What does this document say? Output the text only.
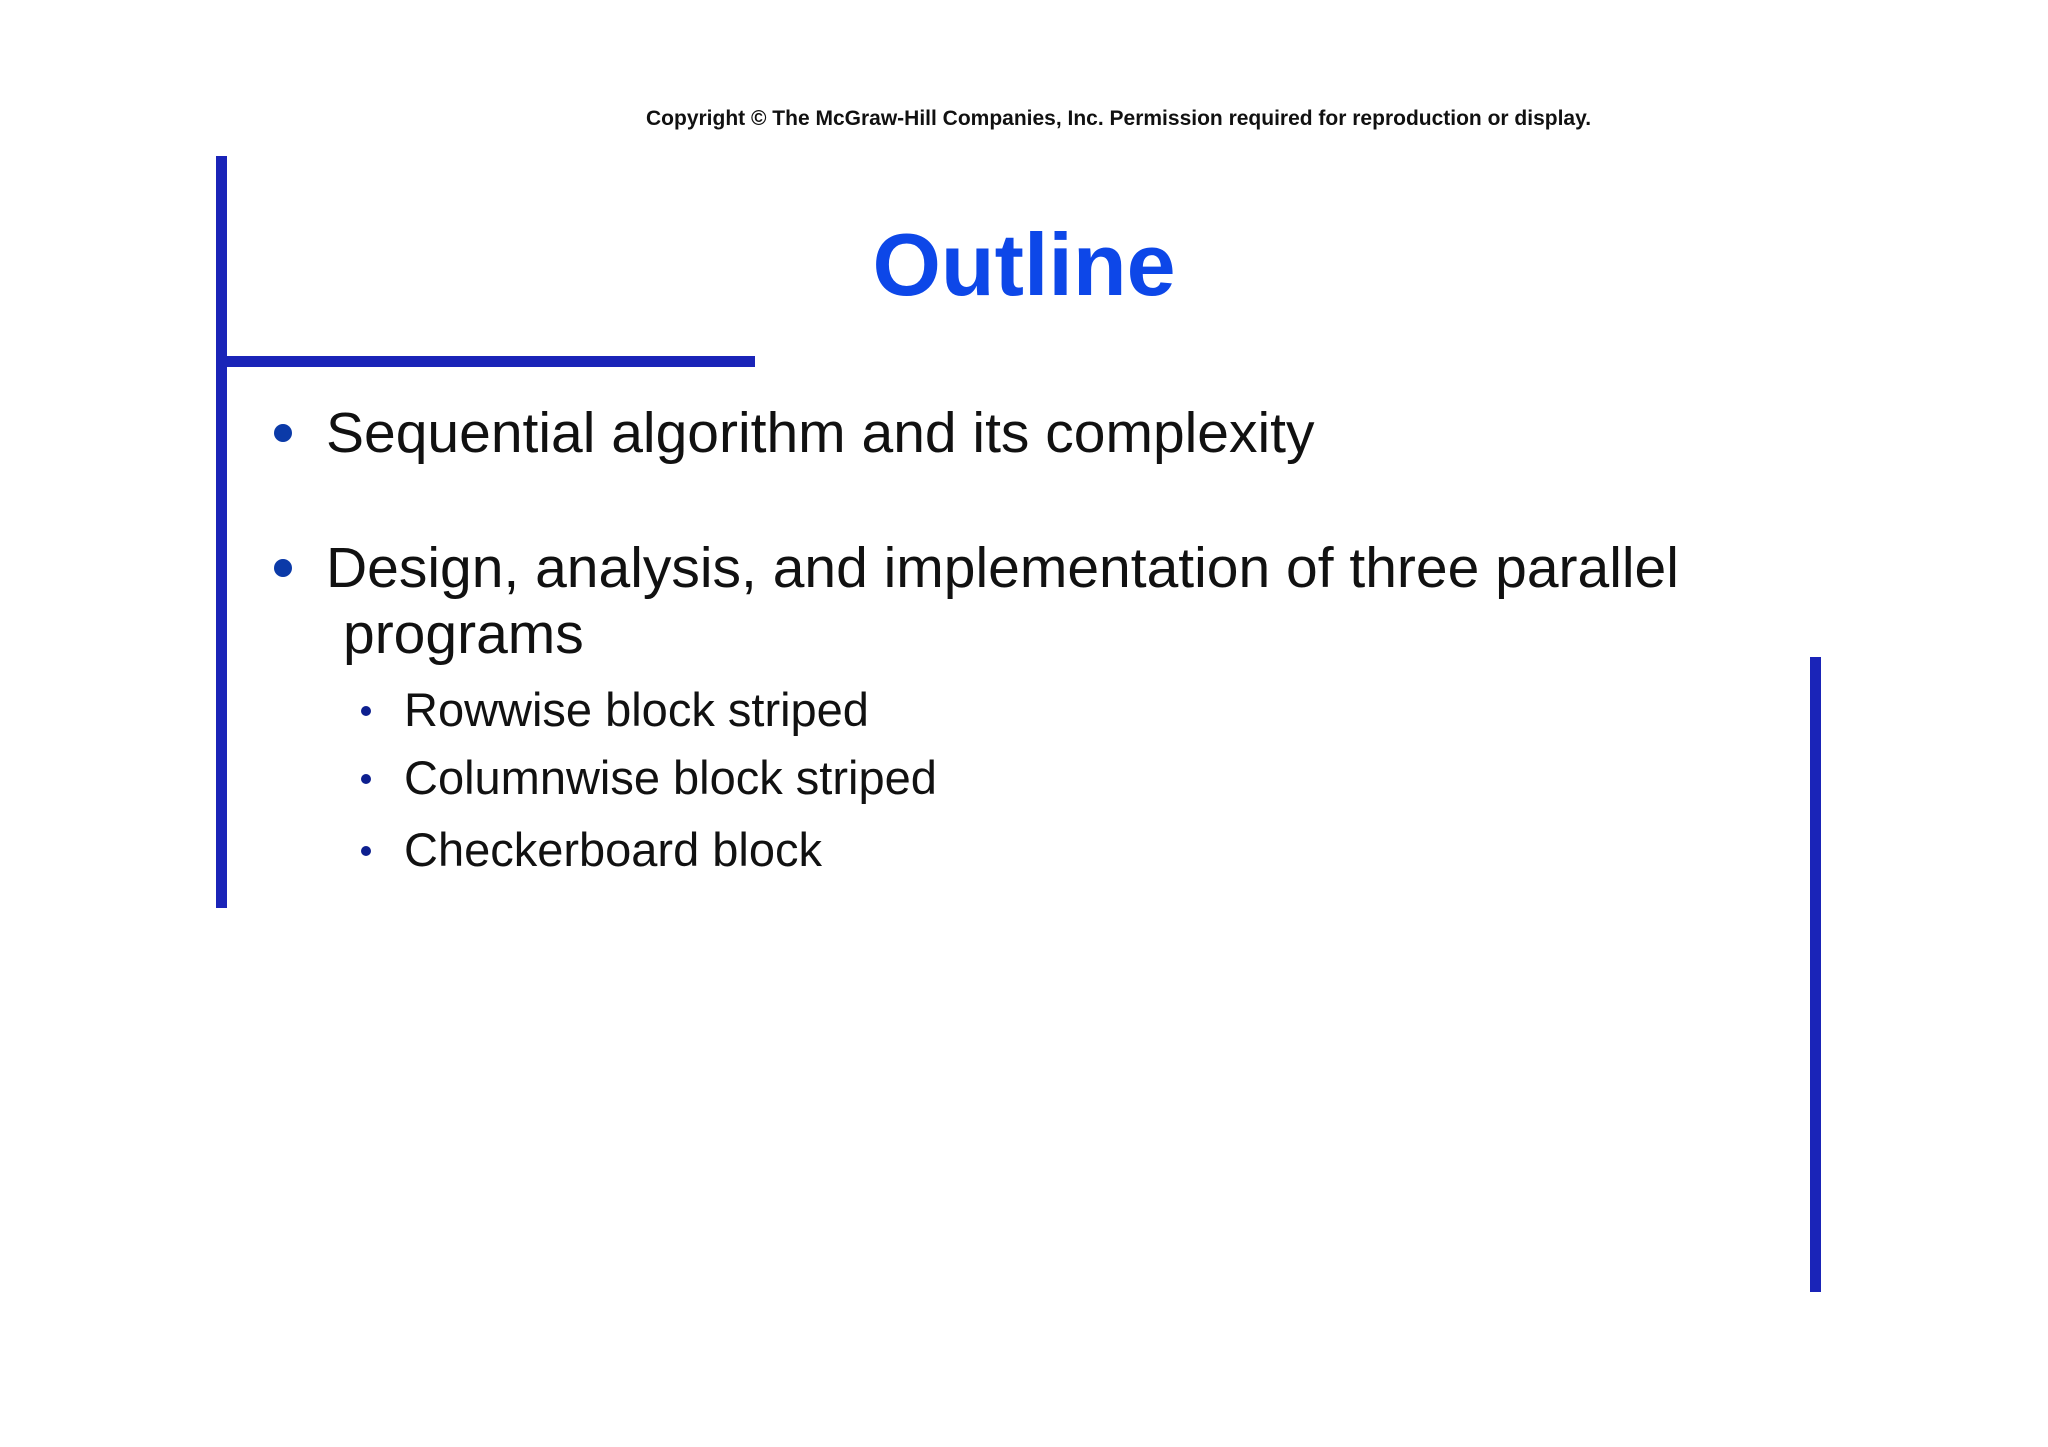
Copyright © The McGraw-Hill Companies, Inc. Permission required for reproduction or display.
Outline
Sequential algorithm and its complexity
Design, analysis, and implementation of three parallel
programs
Rowwise block striped
Columnwise block striped
Checkerboard block
